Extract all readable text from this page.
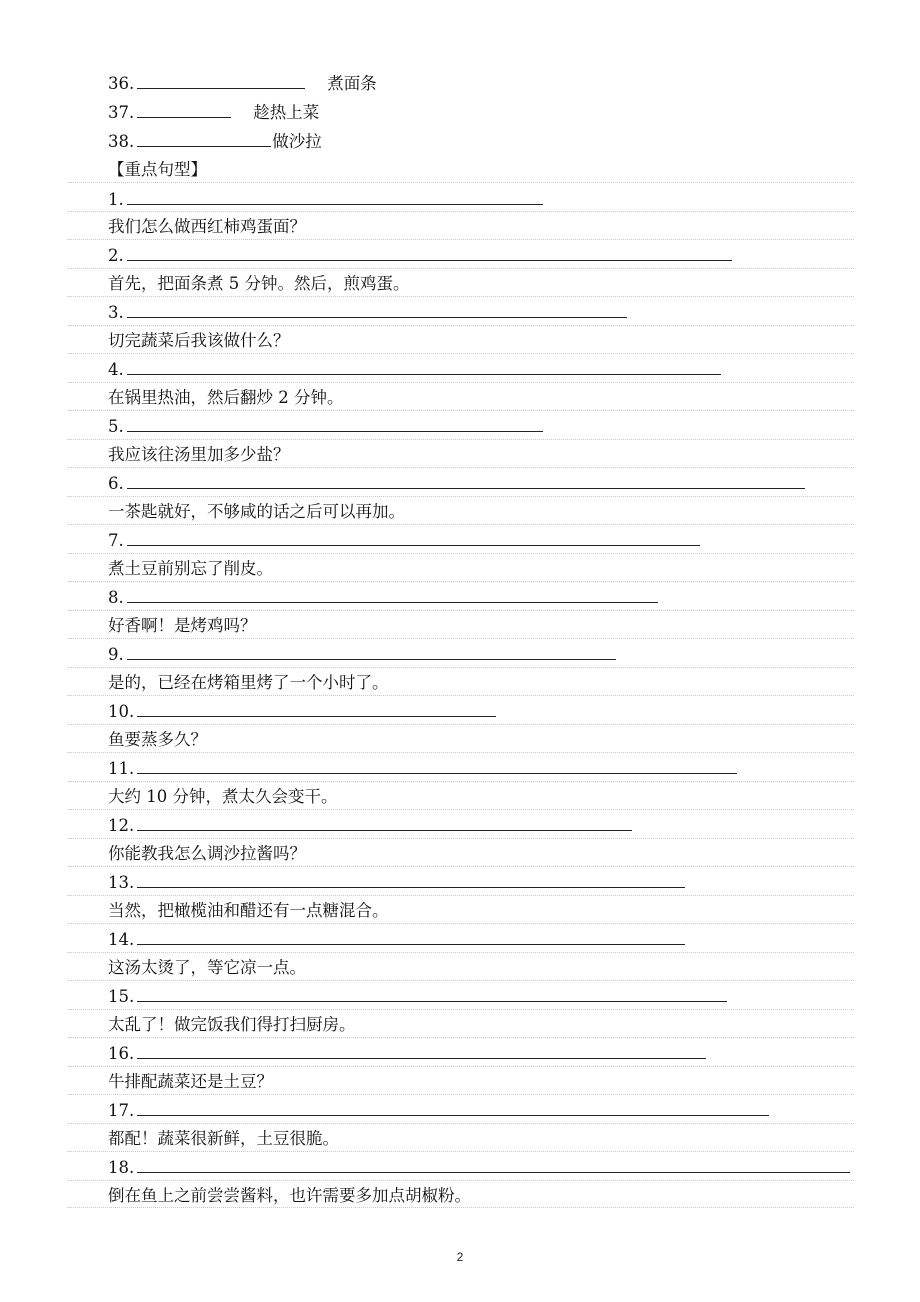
36.	煮面条
37.	趁热上菜
38.	做沙拉
【重点句型】
1.
我们怎么做西红柿鸡蛋面？
2.
首先，把面条煮 5 分钟。然后，煎鸡蛋。
3.
切完蔬菜后我该做什么？
4.
在锅里热油，然后翻炒 2 分钟。
5.
我应该往汤里加多少盐？
6.
一茶匙就好，不够咸的话之后可以再加。
7.
煮土豆前别忘了削皮。
8.
好香啊！是烤鸡吗？
9.
是的，已经在烤箱里烤了一个小时了。
10.
鱼要蒸多久？
11.
大约 10 分钟，煮太久会变干。
12.
你能教我怎么调沙拉酱吗？
13.
当然，把橄榄油和醋还有一点糖混合。
14.
这汤太烫了，等它凉一点。
15.
太乱了！做完饭我们得打扫厨房。
16.
牛排配蔬菜还是土豆？
17.
都配！蔬菜很新鲜，土豆很脆。
18.
倒在鱼上之前尝尝酱料，也许需要多加点胡椒粉。
2
